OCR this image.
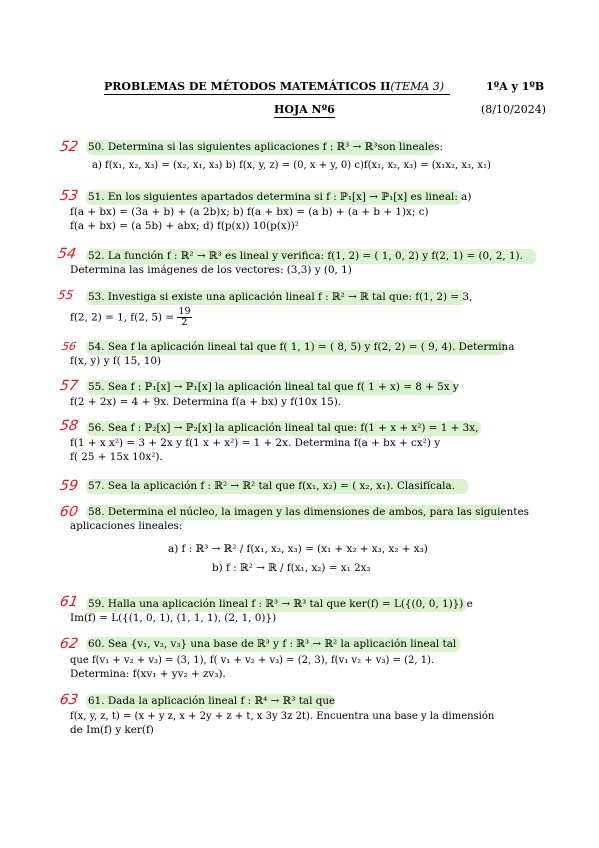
PROBLEMAS DE MÉTODOS MATEMÁTICOS II(TEMA 3)	1ºA y 1ºB
HOJA Nº6	(8/10/2024)
52
53
54
55
56
57
58
59
60
61
62
63
50. Determina si las siguientes aplicaciones f : ℝ³ → ℝ³son lineales:
a) f(x₁, x₂, x₃) = (x₂, x₁, x₃) b) f(x, y, z) = (0, x + y, 0) c)f(x₁, x₂, x₃) = (x₁x₂, x₃, x₁)
51. En los siguientes apartados determina si f : ℙ₁[x] → ℙ₁[x] es lineal: a)
f(a + bx) = (3a + b) + (a 2b)x; b) f(a + bx) = (a b) + (a + b + 1)x; c)
f(a + bx) = (a 5b) + abx; d) f(p(x)) 10(p(x))²
52. La función f : ℝ² → ℝ³ es lineal y verifica: f(1, 2) = ( 1, 0, 2) y f(2, 1) = (0, 2, 1).
Determina las imágenes de los vectores: (3,3) y (0, 1)
53. Investiga si existe una aplicación lineal f : ℝ² → ℝ tal que: f(1, 2) = 3,
f(2, 2) = 1, f(2, $5) = \frac{19}{2}$
54. Sea f la aplicación lineal tal que f( 1, 1) = ( 8, 5) y f(2, 2) = ( 9, 4). Determina
f(x, y) y f( 15, 10)
55. Sea f : ℙ₁[x] → ℙ₁[x] la aplicación lineal tal que f( 1 + x) = 8 + 5x y
f(2 + 2x) = 4 + 9x. Determina f(a + bx) y f(10x 15).
56. Sea f : ℙ₂[x] → ℙ₂[x] la aplicación lineal tal que: f(1 + x + x²) = 1 + 3x,
f(1 + x x²) = 3 + 2x y f(1 x + x²) = 1 + 2x. Determina f(a + bx + cx²) y
f( 25 + 15x 10x²).
57. Sea la aplicación f : ℝ² → ℝ² tal que f(x₁, x₂) = ( x₂, x₁). Clasifícala.
58. Determina el núcleo, la imagen y las dimensiones de ambos, para las siguientes
aplicaciones lineales:
a) f : ℝ³ → ℝ² / f(x₁, x₂, x₃) = (x₁ + x₂ + x₃, x₂ + x₃)
b) f : ℝ² → ℝ / f(x₁, x₂) = x₁ 2x₂
59. Halla una aplicación lineal f : ℝ³ → ℝ³ tal que ker(f) = L({(0, 0, 1)}) e
Im(f) = L({(1, 0, 1), (1, 1, 1), (2, 1, 0)})
60. Sea {v₁, v₂, v₃} una base de ℝ³ y f : ℝ³ → ℝ² la aplicación lineal tal
que f(v₁ + v₂ + v₃) = (3, 1), f( v₁ + v₂ + v₃) = (2, 3), f(v₁ v₂ + v₃) = (2, 1).
Determina: f(xv₁ + yv₂ + zv₃).
61. Dada la aplicación lineal f : ℝ⁴ → ℝ³ tal que
f(x, y, z, t) = (x + y z, x + 2y + z + t, x 3y 3z 2t). Encuentra una base y la dimensión
de Im(f) y ker(f)
